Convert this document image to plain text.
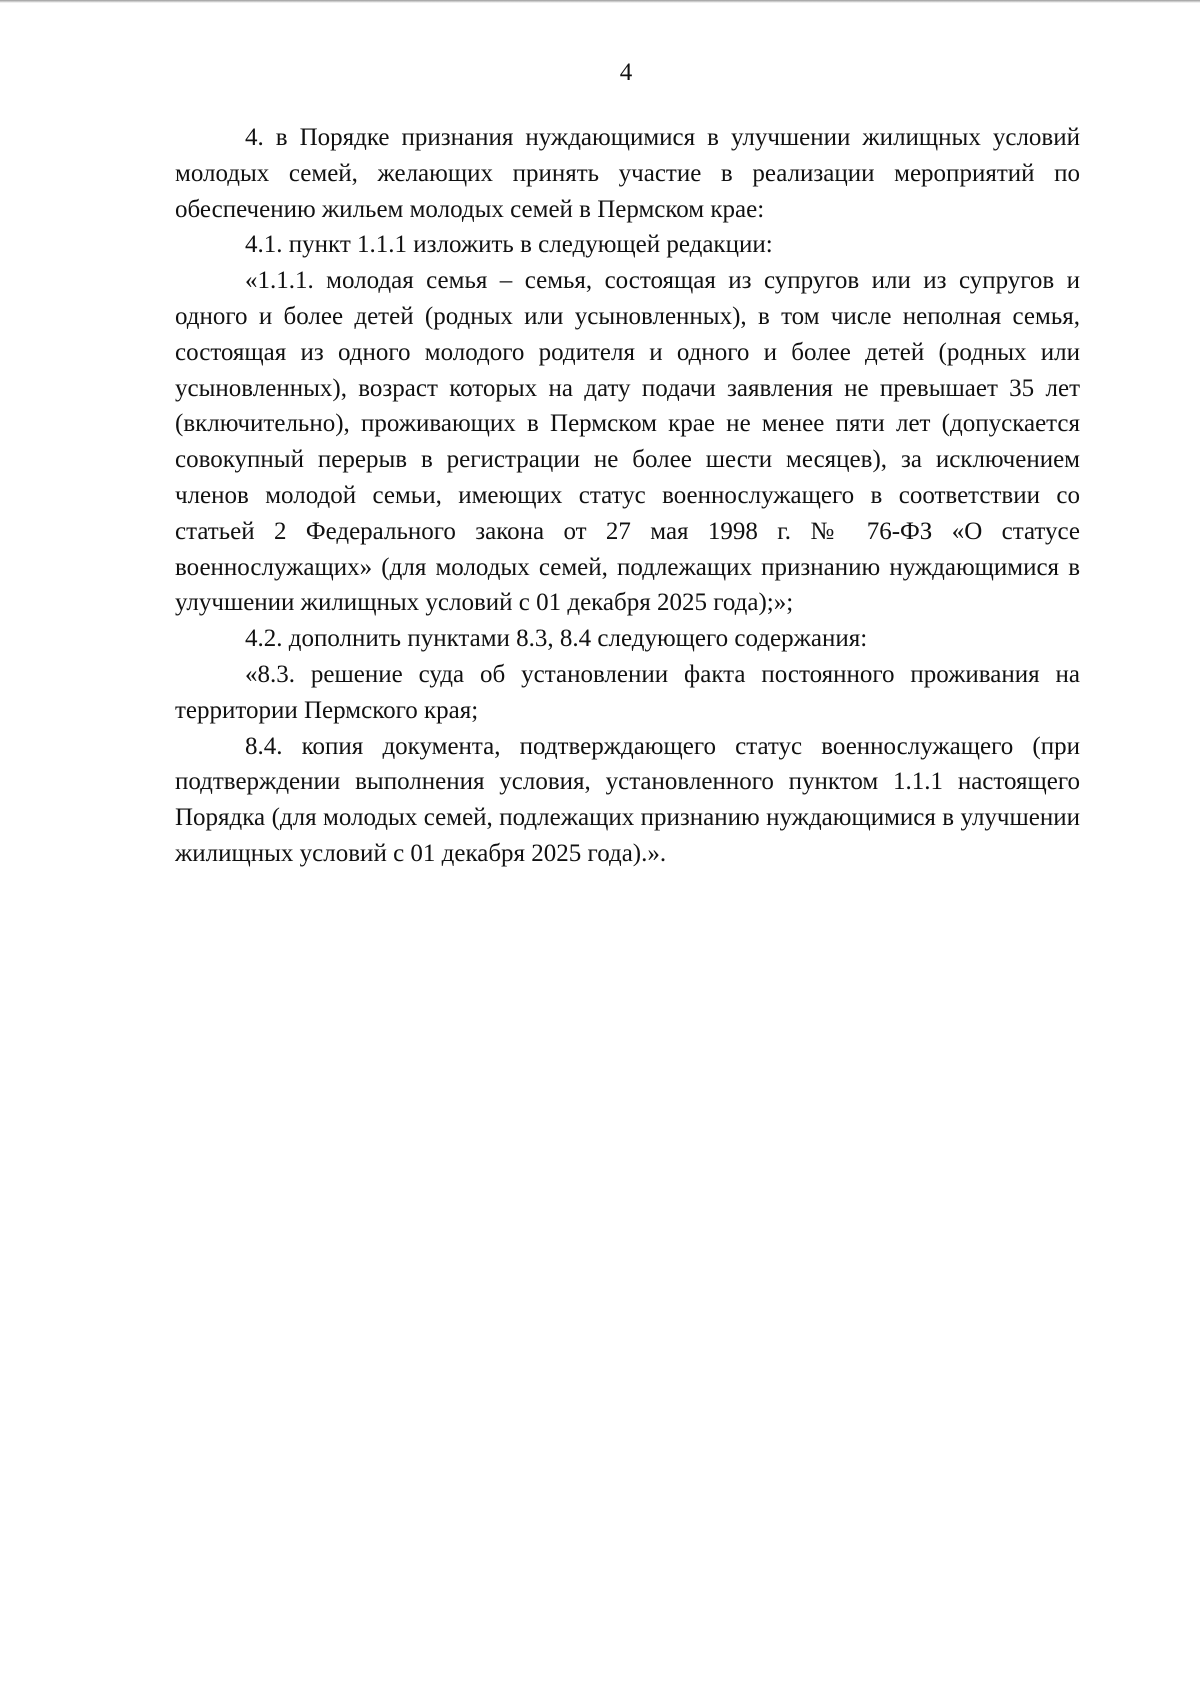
4

4. в Порядке признания нуждающимися в улучшении жилищных условий молодых семей, желающих принять участие в реализации мероприятий по обеспечению жильем молодых семей в Пермском крае:

4.1. пункт 1.1.1 изложить в следующей редакции:

«1.1.1. молодая семья – семья, состоящая из супругов или из супругов и одного и более детей (родных или усыновленных), в том числе неполная семья, состоящая из одного молодого родителя и одного и более детей (родных или усыновленных), возраст которых на дату подачи заявления не превышает 35 лет (включительно), проживающих в Пермском крае не менее пяти лет (допускается совокупный перерыв в регистрации не более шести месяцев), за исключением членов молодой семьи, имеющих статус военнослужащего в соответствии со статьей 2 Федерального закона от 27 мая 1998 г. № 76-ФЗ «О статусе военнослужащих» (для молодых семей, подлежащих признанию нуждающимися в улучшении жилищных условий с 01 декабря 2025 года);»;

4.2. дополнить пунктами 8.3, 8.4 следующего содержания:

«8.3. решение суда об установлении факта постоянного проживания на территории Пермского края;

8.4. копия документа, подтверждающего статус военнослужащего (при подтверждении выполнения условия, установленного пунктом 1.1.1 настоящего Порядка (для молодых семей, подлежащих признанию нуждающимися в улучшении жилищных условий с 01 декабря 2025 года).».
